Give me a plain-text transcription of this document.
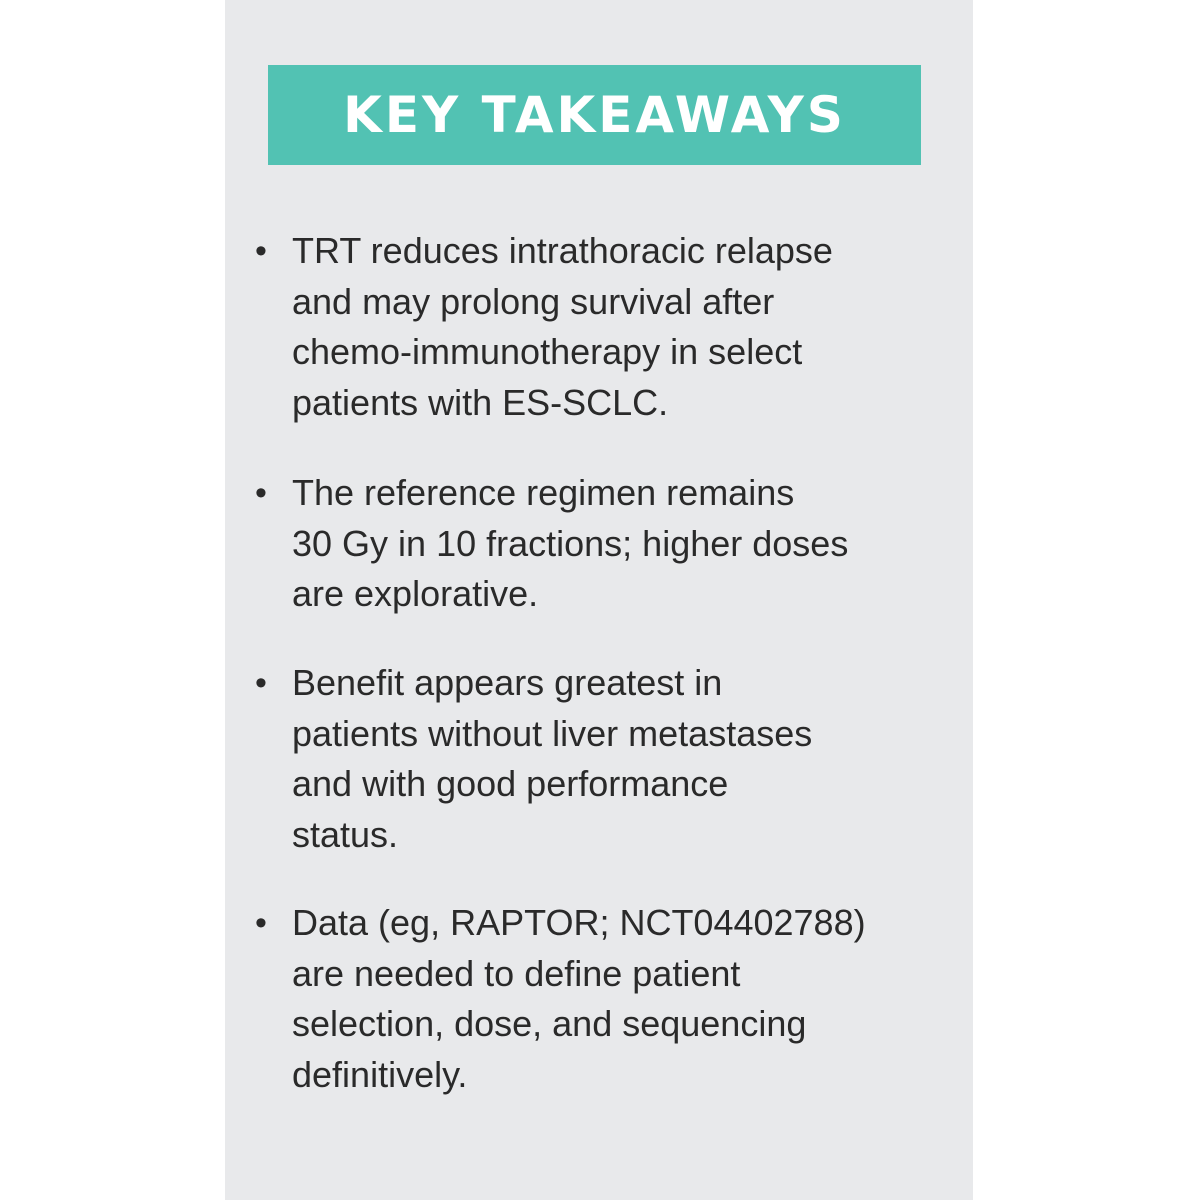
KEY TAKEAWAYS
• TRT reduces intrathoracic relapse
and may prolong survival after
chemo-immunotherapy in select
patients with ES-SCLC.
• The reference regimen remains
30 Gy in 10 fractions; higher doses
are explorative.
• Benefit appears greatest in
patients without liver metastases
and with good performance
status.
• Data (eg, RAPTOR; NCT04402788)
are needed to define patient
selection, dose, and sequencing
definitively.
